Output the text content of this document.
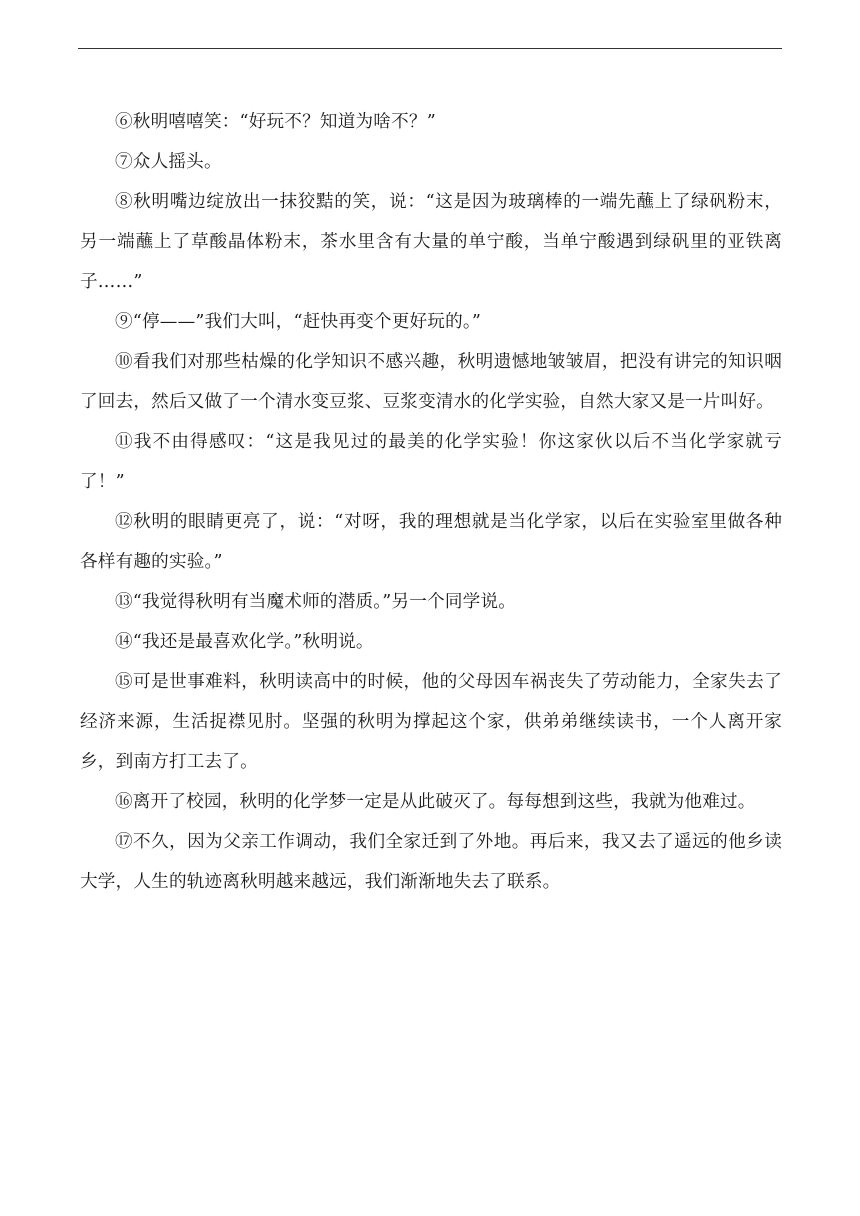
⑥秋明嘻嘻笑：“好玩不？知道为啥不？”

⑦众人摇头。

⑧秋明嘴边绽放出一抹狡黠的笑，说：“这是因为玻璃棒的一端先蘸上了绿矾粉末，另一端蘸上了草酸晶体粉末，茶水里含有大量的单宁酸，当单宁酸遇到绿矾里的亚铁离子……”

⑨“停——”我们大叫，“赶快再变个更好玩的。”

⑩看我们对那些枯燥的化学知识不感兴趣，秋明遗憾地皱皱眉，把没有讲完的知识咽了回去，然后又做了一个清水变豆浆、豆浆变清水的化学实验，自然大家又是一片叫好。

⑪我不由得感叹：“这是我见过的最美的化学实验！你这家伙以后不当化学家就亏了！”

⑫秋明的眼睛更亮了，说：“对呀，我的理想就是当化学家，以后在实验室里做各种各样有趣的实验。”

⑬“我觉得秋明有当魔术师的潜质。”另一个同学说。

⑭“我还是最喜欢化学。”秋明说。

⑮可是世事难料，秋明读高中的时候，他的父母因车祸丧失了劳动能力，全家失去了经济来源，生活捉襟见肘。坚强的秋明为撑起这个家，供弟弟继续读书，一个人离开家乡，到南方打工去了。

⑯离开了校园，秋明的化学梦一定是从此破灭了。每每想到这些，我就为他难过。

⑰不久，因为父亲工作调动，我们全家迁到了外地。再后来，我又去了遥远的他乡读大学，人生的轨迹离秋明越来越远，我们渐渐地失去了联系。
